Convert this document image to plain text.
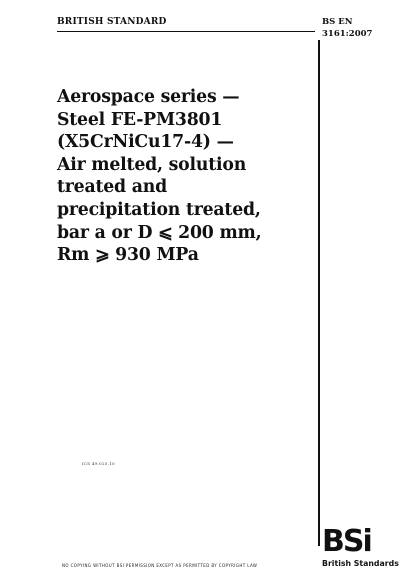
BRITISH STANDARD	BS EN
3161:2007
Aerospace series —
Steel FE-PM3801
(X5CrNiCu17-4) —
Air melted, solution
treated and
precipitation treated,
bar a or D ⩽ 200 mm,
Rm ⩾ 930 MPa
ICS 49.025.10
NO COPYING WITHOUT BSI PERMISSION EXCEPT AS PERMITTED BY COPYRIGHT LAW
BSi
British Standards
